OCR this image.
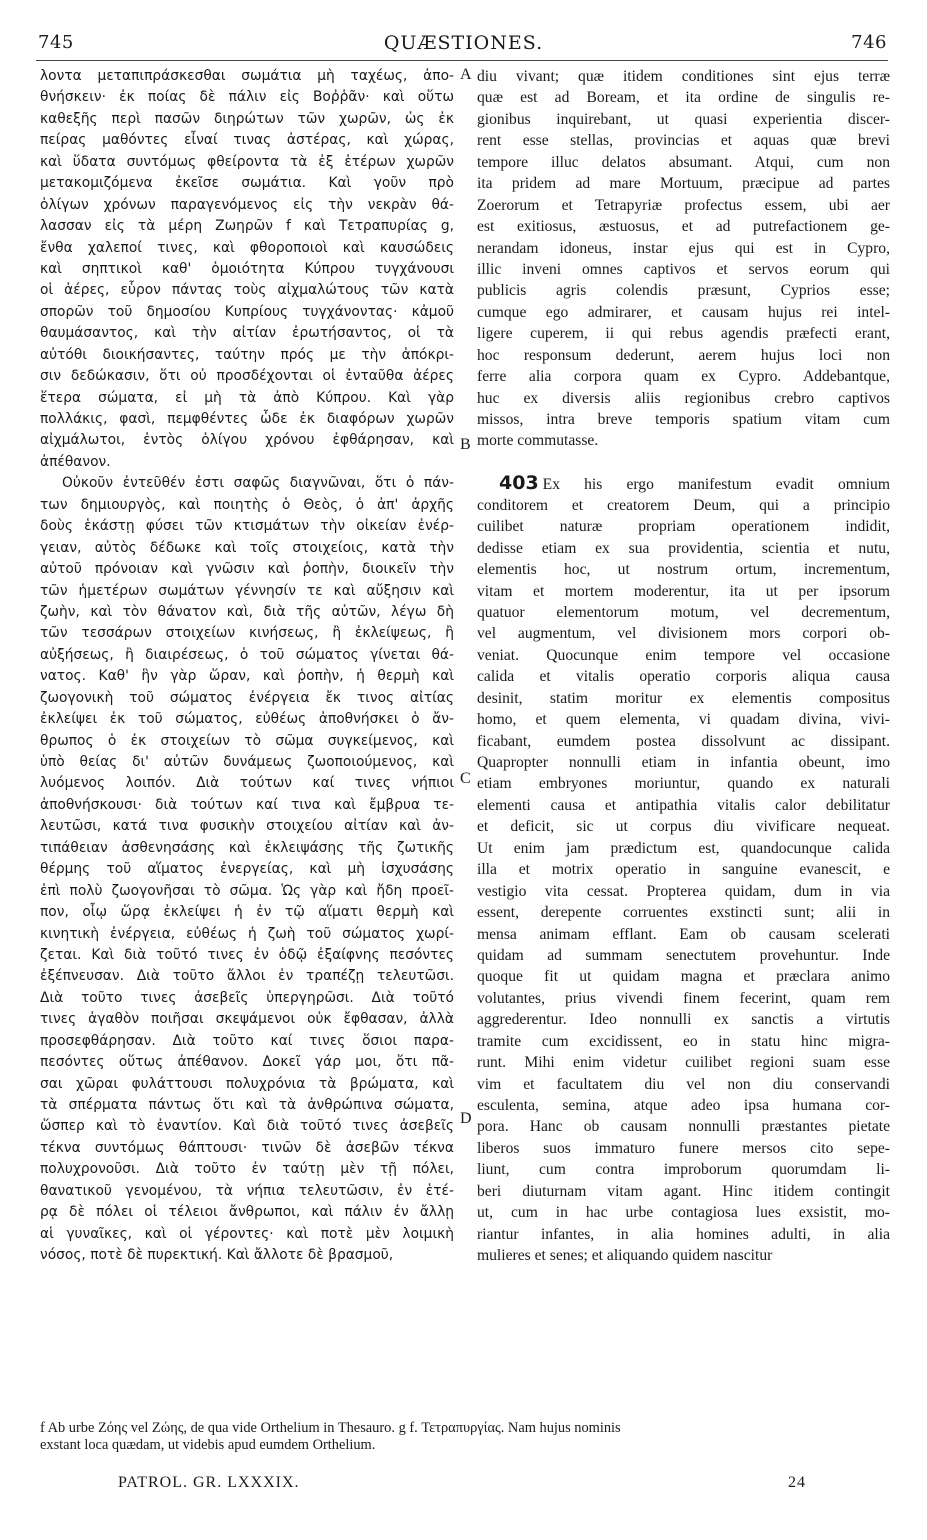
745	QUÆSTIONES.	746
λοντα μεταπιπράσκεσθαι σωμάτια μὴ ταχέως, ἀπο-
θνήσκειν· ἐκ ποίας δὲ πάλιν εἰς Βοῤῥᾶν· καὶ οὕτω
καθεξῆς περὶ πασῶν διηρώτων τῶν χωρῶν, ὡς ἐκ
πείρας μαθόντες εἶναί τινας ἀστέρας, καὶ χώρας,
καὶ ὕδατα συντόμως φθείροντα τὰ ἐξ ἑτέρων χωρῶν
μετακομιζόμενα ἐκεῖσε σωμάτια. Καὶ γοῦν πρὸ
ὀλίγων χρόνων παραγενόμενος εἰς τὴν νεκρὰν θά-
λασσαν εἰς τὰ μέρη Ζωηρῶν f καὶ Τετραπυρίας g,
ἔνθα χαλεποί τινες, καὶ φθοροποιοὶ καὶ καυσώδεις
καὶ σηπτικοὶ καθ' ὁμοιότητα Κύπρου τυγχάνουσι
οἱ ἀέρες, εὗρον πάντας τοὺς αἰχμαλώτους τῶν κατὰ
σπορῶν τοῦ δημοσίου Κυπρίους τυγχάνοντας· κἀμοῦ
θαυμάσαντος, καὶ τὴν αἰτίαν ἐρωτήσαντος, οἱ τὰ
αὐτόθι διοικήσαντες, ταύτην πρός με τὴν ἀπόκρι-
σιν δεδώκασιν, ὅτι οὐ προσδέχονται οἱ ἐνταῦθα ἀέρες
ἕτερα σώματα, εἰ μὴ τὰ ἀπὸ Κύπρου. Καὶ γὰρ
πολλάκις, φασὶ, πεμφθέντες ὧδε ἐκ διαφόρων χωρῶν
αἰχμάλωτοι, ἐντὸς ὀλίγου χρόνου ἐφθάρησαν, καὶ
ἀπέθανον.
Οὐκοῦν ἐντεῦθέν ἐστι σαφῶς διαγνῶναι, ὅτι ὁ πάν-
των δημιουργὸς, καὶ ποιητὴς ὁ Θεὸς, ὁ ἀπ' ἀρχῆς
δοὺς ἑκάστῃ φύσει τῶν κτισμάτων τὴν οἰκείαν ἐνέρ-
γειαν, αὐτὸς δέδωκε καὶ τοῖς στοιχείοις, κατὰ τὴν
αὐτοῦ πρόνοιαν καὶ γνῶσιν καὶ ῥοπὴν, διοικεῖν τὴν
τῶν ἡμετέρων σωμάτων γέννησίν τε καὶ αὔξησιν καὶ
ζωὴν, καὶ τὸν θάνατον καὶ, διὰ τῆς αὐτῶν, λέγω δὴ
τῶν τεσσάρων στοιχείων κινήσεως, ἢ ἐκλείψεως, ἢ
αὐξήσεως, ἢ διαιρέσεως, ὁ τοῦ σώματος γίνεται θά-
νατος. Καθ' ἣν γὰρ ὥραν, καὶ ῥοπὴν, ἡ θερμὴ καὶ
ζωογονικὴ τοῦ σώματος ἐνέργεια ἔκ τινος αἰτίας
ἐκλείψει ἐκ τοῦ σώματος, εὐθέως ἀποθνήσκει ὁ ἄν-
θρωπος ὁ ἐκ στοιχείων τὸ σῶμα συγκείμενος, καὶ
ὑπὸ θείας δι' αὐτῶν δυνάμεως ζωοποιούμενος, καὶ
λυόμενος λοιπόν. Διὰ τούτων καί τινες νήπιοι
ἀποθνήσκουσι· διὰ τούτων καί τινα καὶ ἔμβρυα τε-
λευτῶσι, κατά τινα φυσικὴν στοιχείου αἰτίαν καὶ ἀν-
τιπάθειαν ἀσθενησάσης καὶ ἐκλειψάσης τῆς ζωτικῆς
θέρμης τοῦ αἵματος ἐνεργείας, καὶ μὴ ἰσχυσάσης
ἐπὶ πολὺ ζωογονῆσαι τὸ σῶμα. Ὡς γὰρ καὶ ἤδη προεῖ-
πον, οἷῳ ὥρᾳ ἐκλείψει ἡ ἐν τῷ αἵματι θερμὴ καὶ
κινητικὴ ἐνέργεια, εὐθέως ἡ ζωὴ τοῦ σώματος χωρί-
ζεται. Καὶ διὰ τοῦτό τινες ἐν ὁδῷ ἐξαίφνης πεσόντες
ἐξέπνευσαν. Διὰ τοῦτο ἄλλοι ἐν τραπέζῃ τελευτῶσι.
Διὰ τοῦτο τινες ἀσεβεῖς ὑπεργηρῶσι. Διὰ τοῦτό
τινες ἀγαθὸν ποιῆσαι σκεψάμενοι οὐκ ἔφθασαν, ἀλλὰ
προσεφθάρησαν. Διὰ τοῦτο καί τινες ὅσιοι παρα-
πεσόντες οὕτως ἀπέθανον. Δοκεῖ γάρ μοι, ὅτι πᾶ-
σαι χῶραι φυλάττουσι πολυχρόνια τὰ βρώματα, καὶ
τὰ σπέρματα πάντως ὅτι καὶ τὰ ἀνθρώπινα σώματα,
ὥσπερ καὶ τὸ ἐναντίον. Καὶ διὰ τοῦτό τινες ἀσεβεῖς
τέκνα συντόμως θάπτουσι· τινῶν δὲ ἀσεβῶν τέκνα
πολυχρονοῦσι. Διὰ τοῦτο ἐν ταύτῃ μὲν τῇ πόλει,
θανατικοῦ γενομένου, τὰ νήπια τελευτῶσιν, ἐν ἑτέ-
ρᾳ δὲ πόλει οἱ τέλειοι ἄνθρωποι, καὶ πάλιν ἐν ἄλλῃ
αἱ γυναῖκες, καὶ οἱ γέροντες· καὶ ποτὲ μὲν λοιμικὴ
νόσος, ποτὲ δὲ πυρεκτική. Καὶ ἄλλοτε δὲ βρασμοῦ,
diu vivant; quæ itidem conditiones sint ejus terræ
quæ est ad Boream, et ita ordine de singulis re-
gionibus inquirebant, ut quasi experientia discer-
rent esse stellas, provincias et aquas quæ brevi
tempore illuc delatos absumant. Atqui, cum non
ita pridem ad mare Mortuum, præcipue ad partes
Zoerorum et Tetrapyriæ profectus essem, ubi aer
est exitiosus, æstuosus, et ad putrefactionem ge-
nerandam idoneus, instar ejus qui est in Cypro,
illic inveni omnes captivos et servos eorum qui
publicis agris colendis præsunt, Cyprios esse;
cumque ego admirarer, et causam hujus rei intel-
ligere cuperem, ii qui rebus agendis præfecti erant,
hoc responsum dederunt, aerem hujus loci non
ferre alia corpora quam ex Cypro. Addebantque,
huc ex diversis aliis regionibus crebro captivos
missos, intra breve temporis spatium vitam cum
morte commutasse.
403 Ex his ergo manifestum evadit omnium
conditorem et creatorem Deum, qui a principio
cuilibet naturæ propriam operationem indidit,
dedisse etiam ex sua providentia, scientia et nutu,
elementis hoc, ut nostrum ortum, incrementum,
vitam et mortem moderentur, ita ut per ipsorum
quatuor elementorum motum, vel decrementum,
vel augmentum, vel divisionem mors corpori ob-
veniat. Quocunque enim tempore vel occasione
calida et vitalis operatio corporis aliqua causa
desinit, statim moritur ex elementis compositus
homo, et quem elementa, vi quadam divina, vivi-
ficabant, eumdem postea dissolvunt ac dissipant.
Quapropter nonnulli etiam in infantia obeunt, imo
etiam embryones moriuntur, quando ex naturali
elementi causa et antipathia vitalis calor debilitatur
et deficit, sic ut corpus diu vivificare nequeat.
Ut enim jam prædictum est, quandocunque calida
illa et motrix operatio in sanguine evanescit, e
vestigio vita cessat. Propterea quidam, dum in via
essent, derepente corruentes exstincti sunt; alii in
mensa animam efflant. Eam ob causam scelerati
quidam ad summam senectutem provehuntur. Inde
quoque fit ut quidam magna et præclara animo
volutantes, prius vivendi finem fecerint, quam rem
aggrederentur. Ideo nonnulli ex sanctis a virtutis
tramite cum excidissent, eo in statu hinc migra-
runt. Mihi enim videtur cuilibet regioni suam esse
vim et facultatem diu vel non diu conservandi
esculenta, semina, atque adeo ipsa humana cor-
pora. Hanc ob causam nonnulli præstantes pietate
liberos suos immaturo funere mersos cito sepe-
liunt, cum contra improborum quorumdam li-
beri diuturnam vitam agant. Hinc itidem contingit
ut, cum in hac urbe contagiosa lues exsistit, mo-
riantur infantes, in alia homines adulti, in alia
mulieres et senes; et aliquando quidem nascitur
A
B
C
D
f Ab urbe Ζόης vel Ζώης, de qua vide Orthelium in Thesauro. g f. Τετραπυργίας. Nam hujus nominis
exstant loca quædam, ut videbis apud eumdem Orthelium.
PATROL. GR. LXXXIX.	24
